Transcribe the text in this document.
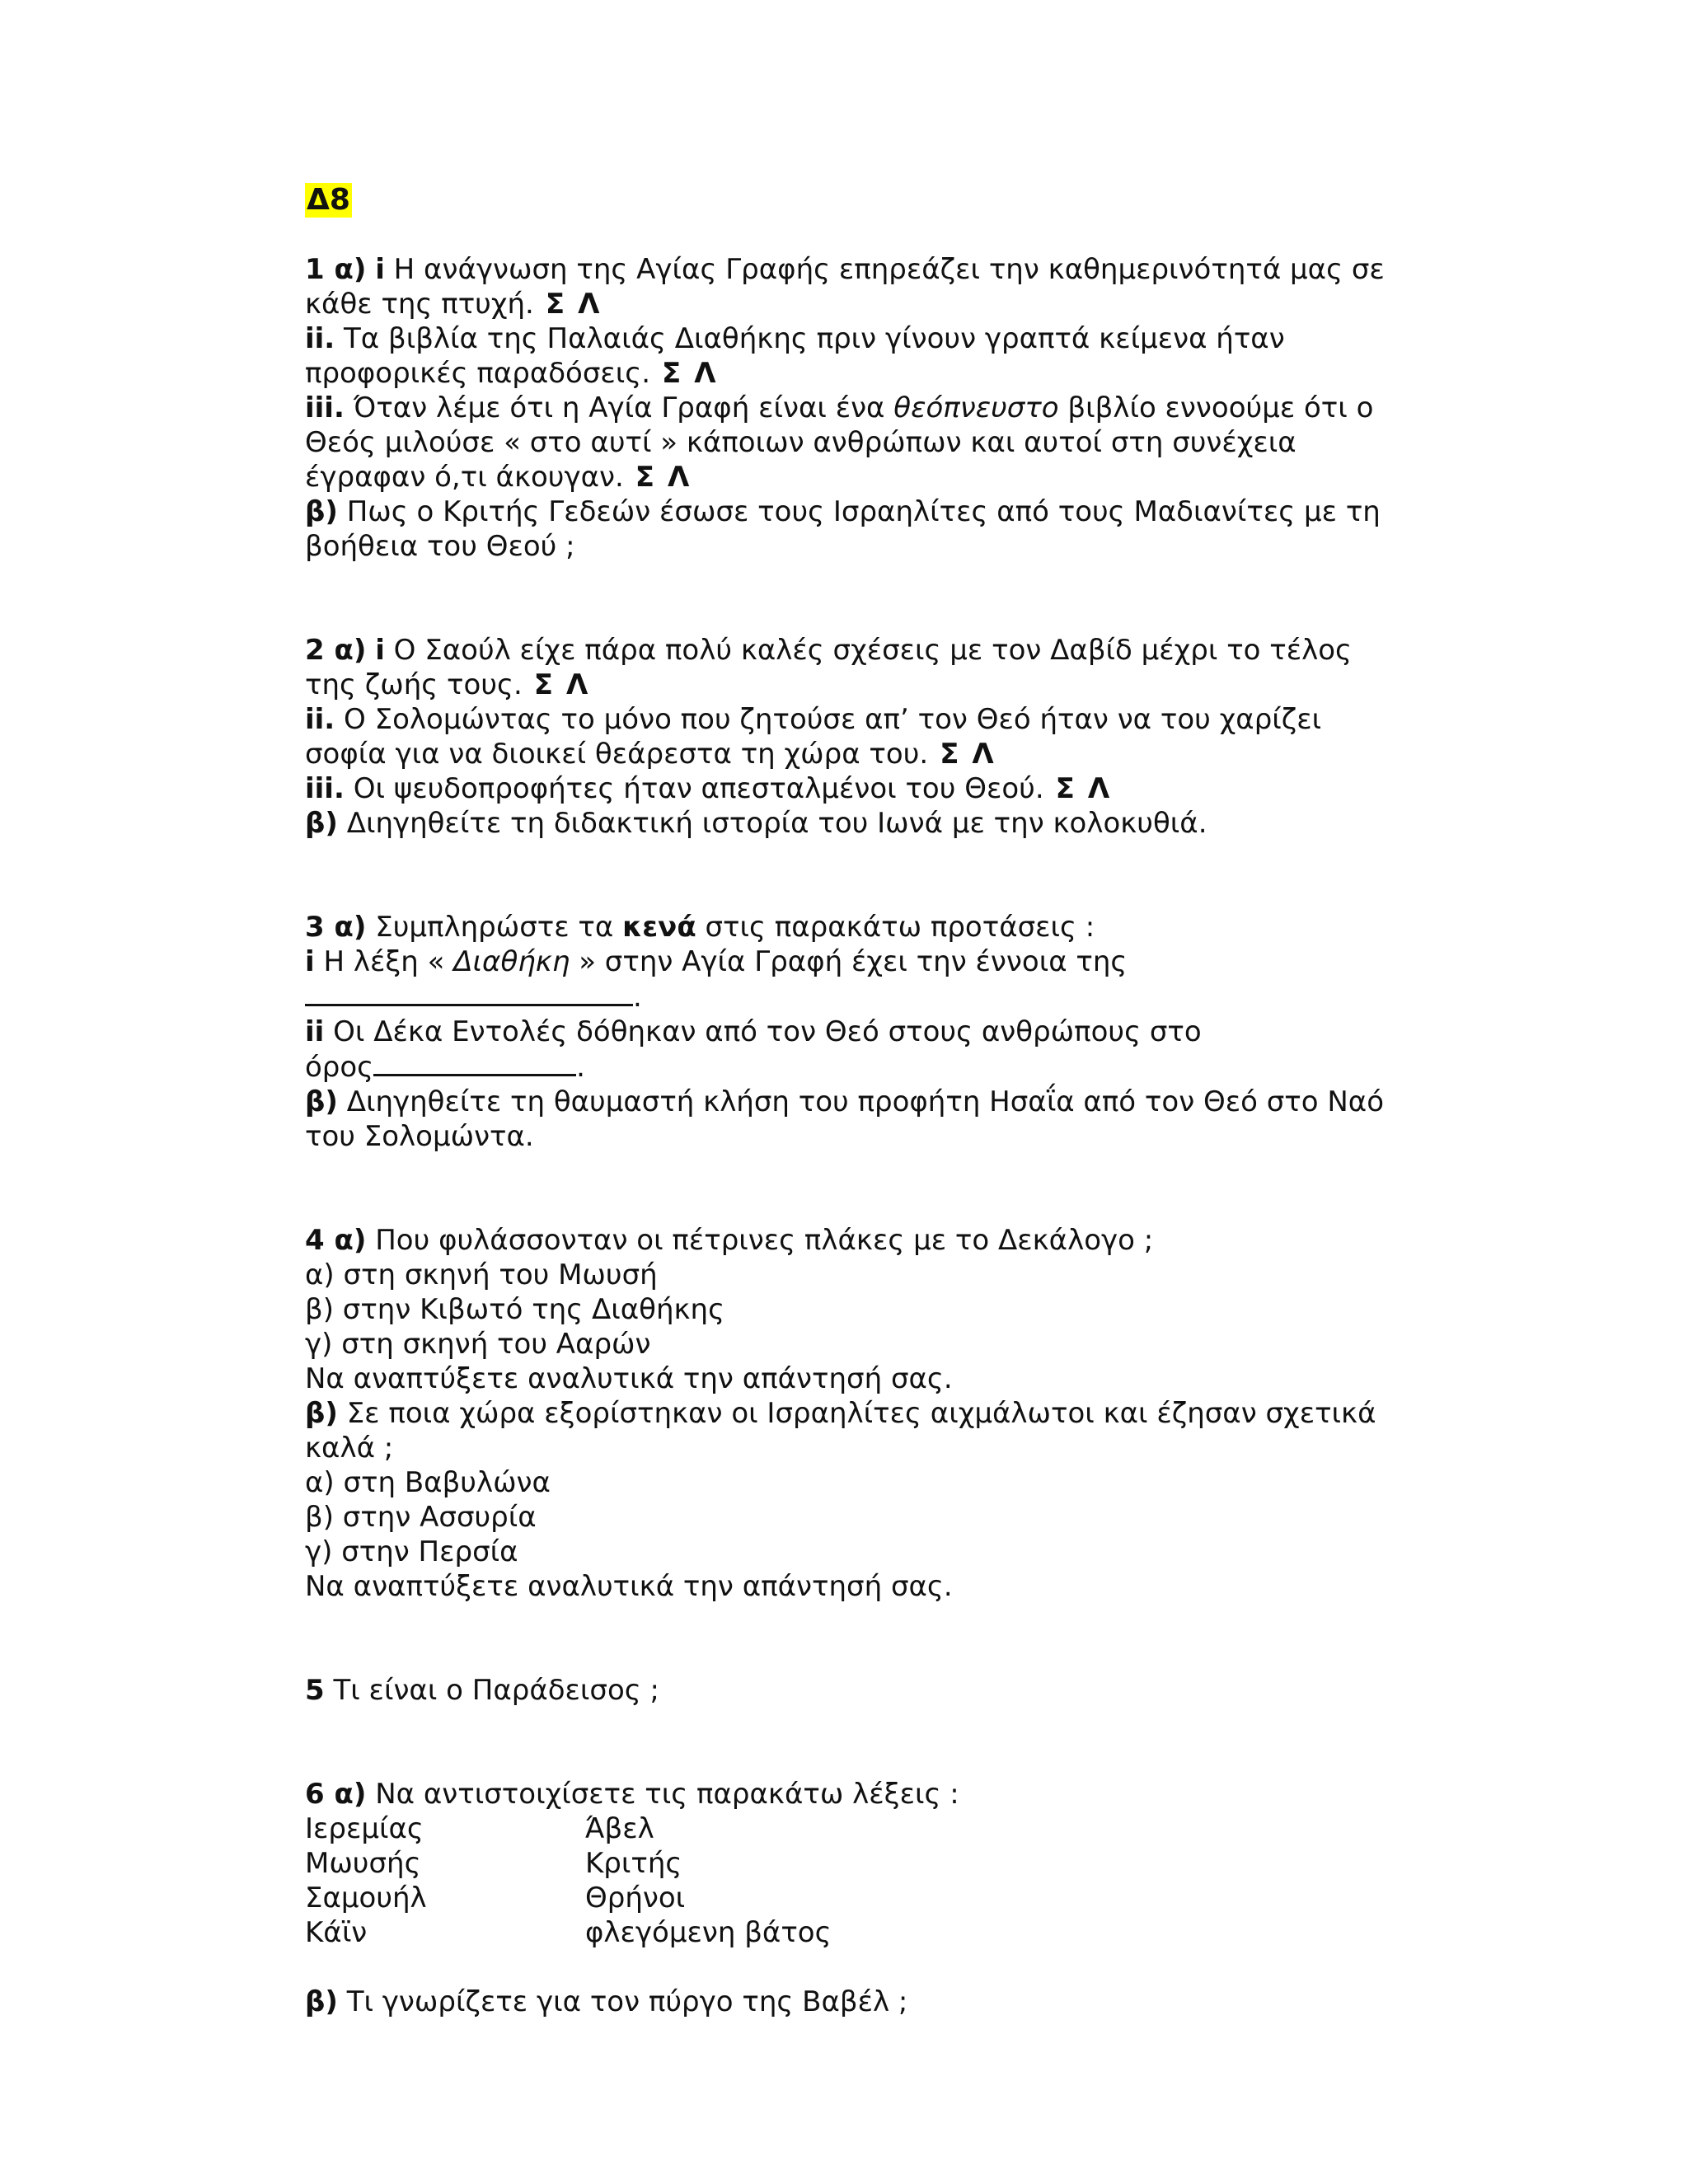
Δ8

1 α) i Η ανάγνωση της Αγίας Γραφής επηρεάζει την καθημερινότητά μας σε κάθε της πτυχή. Σ Λ

ii. Τα βιβλία της Παλαιάς Διαθήκης πριν γίνουν γραπτά κείμενα ήταν προφορικές παραδόσεις. Σ Λ

iii. Όταν λέμε ότι η Αγία Γραφή είναι ένα θεόπνευστο βιβλίο εννοούμε ότι ο Θεός μιλούσε « στο αυτί » κάποιων ανθρώπων και αυτοί στη συνέχεια έγραφαν ό,τι άκουγαν. Σ Λ

β) Πως ο Κριτής Γεδεών έσωσε τους Ισραηλίτες από τους Μαδιανίτες με τη βοήθεια του Θεού ;

2 α) i Ο Σαούλ είχε πάρα πολύ καλές σχέσεις με τον Δαβίδ μέχρι το τέλος της ζωής τους. Σ Λ

ii. Ο Σολομώντας το μόνο που ζητούσε απ’ τον Θεό ήταν να του χαρίζει σοφία για να διοικεί θεάρεστα τη χώρα του. Σ Λ

iii. Οι ψευδοπροφήτες ήταν απεσταλμένοι του Θεού. Σ Λ

β) Διηγηθείτε τη διδακτική ιστορία του Ιωνά με την κολοκυθιά.

3 α) Συμπληρώστε τα κενά στις παρακάτω προτάσεις :

i Η λέξη « Διαθήκη » στην Αγία Γραφή έχει την έννοια της.

ii Οι Δέκα Εντολές δόθηκαν από τον Θεό στους ανθρώπους στο

όρος	.

β) Διηγηθείτε τη θαυμαστή κλήση του προφήτη Ησαΐα από τον Θεό στο Ναό του Σολομώντα.

4 α) Που φυλάσσονταν οι πέτρινες πλάκες με το Δεκάλογο ;

α) στη σκηνή του Μωυσή

β) στην Κιβωτό της Διαθήκης

γ) στη σκηνή του Ααρών

Να αναπτύξετε αναλυτικά την απάντησή σας.

β) Σε ποια χώρα εξορίστηκαν οι Ισραηλίτες αιχμάλωτοι και έζησαν σχετικά καλά ;

α) στη Βαβυλώνα

β) στην Ασσυρία

γ) στην Περσία

Να αναπτύξετε αναλυτικά την απάντησή σας.

5 Τι είναι ο Παράδεισος ;

6 α) Να αντιστοιχίσετε τις παρακάτω λέξεις :

Ιερεμίας	Άβελ
Μωυσής	Κριτής
Σαμουήλ	Θρήνοι
Κάϊν	φλεγόμενη βάτος

β) Τι γνωρίζετε για τον πύργο της Βαβέλ ;
